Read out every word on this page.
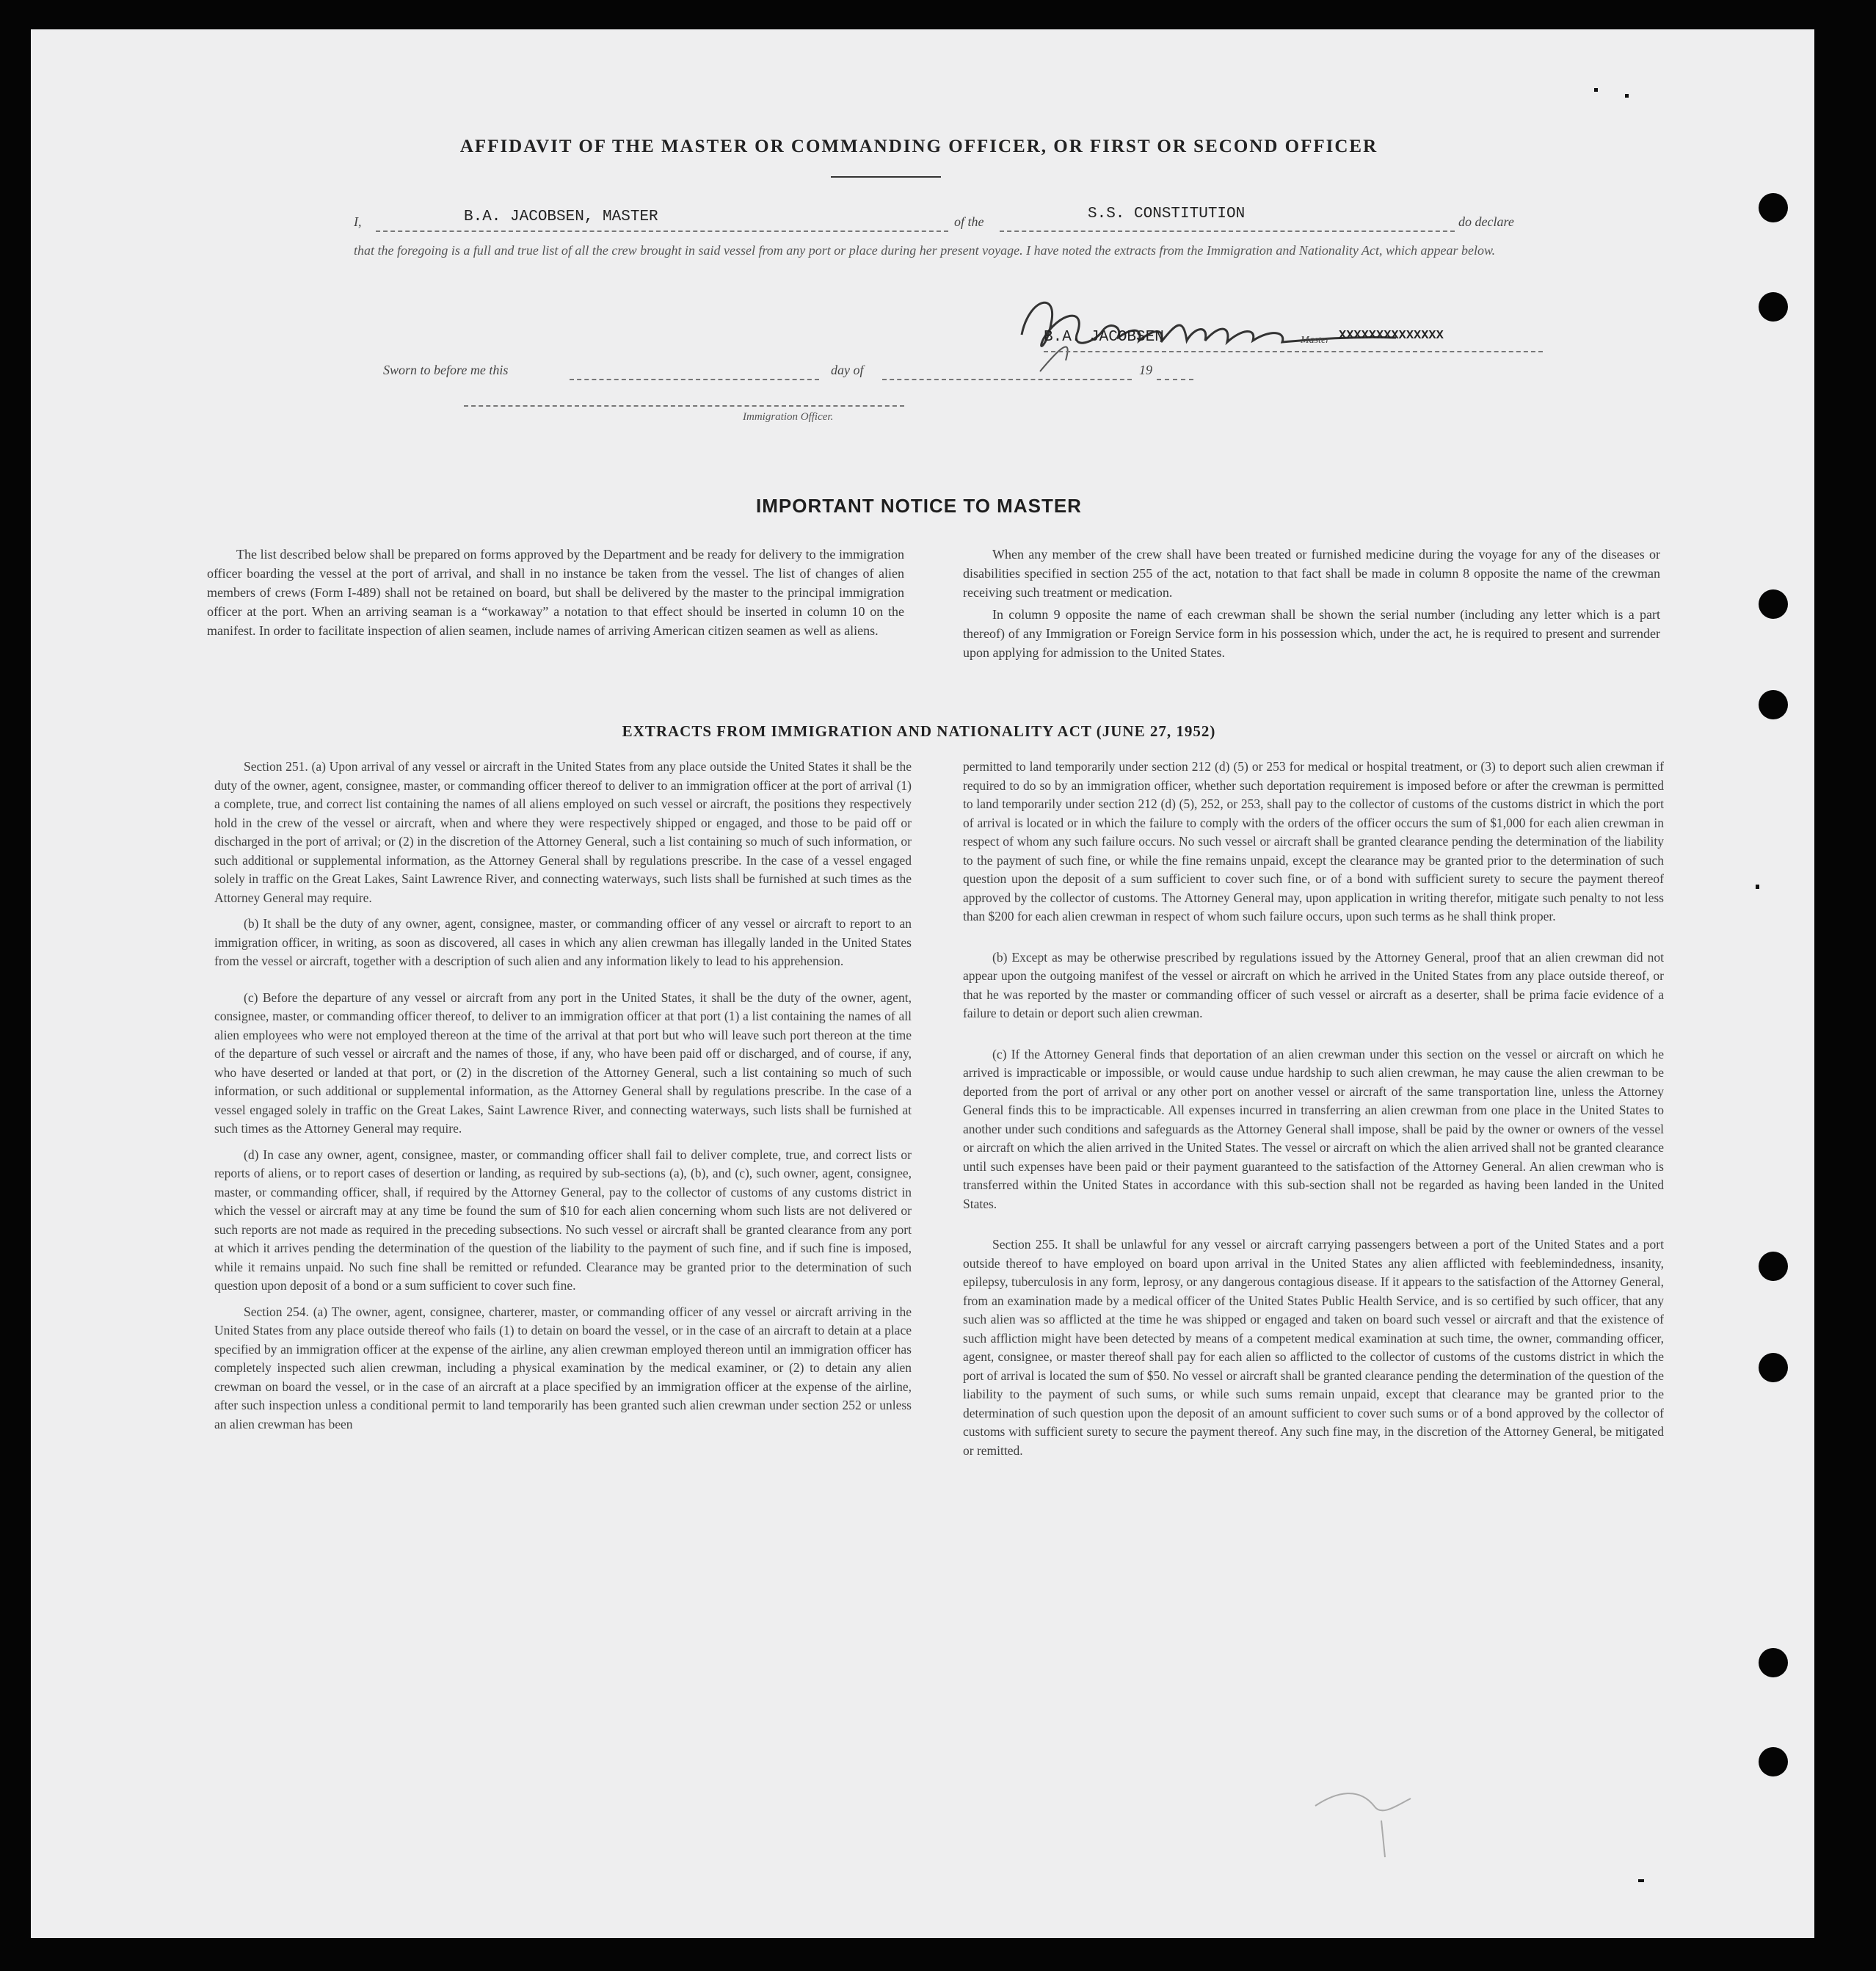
AFFIDAVIT OF THE MASTER OR COMMANDING OFFICER, OR FIRST OR SECOND OFFICER
I,	B.A. JACOBSEN, MASTER	of the	S.S. CONSTITUTION	do declare
that the foregoing is a full and true list of all the crew brought in said vessel from any port or place during her present voyage. I have noted the extracts from the Immigration and Nationality Act, which appear below.
B.A. JACOBSEN	Master XXXXXXXXXXXXXX
Sworn to before me this	day of	19
Immigration Officer.
IMPORTANT NOTICE TO MASTER

The list described below shall be prepared on forms approved by the Department and be ready for delivery to the immigration officer boarding the vessel at the port of arrival, and shall in no instance be taken from the vessel. The list of changes of alien members of crews (Form I-489) shall not be retained on board, but shall be delivered by the master to the principal immigration officer at the port. When an arriving seaman is a “workaway” a notation to that effect should be inserted in column 10 on the manifest. In order to facilitate inspection of alien seamen, include names of arriving American citizen seamen as well as aliens.

When any member of the crew shall have been treated or furnished medicine during the voyage for any of the diseases or disabilities specified in section 255 of the act, notation to that fact shall be made in column 8 opposite the name of the crewman receiving such treatment or medication.

In column 9 opposite the name of each crewman shall be shown the serial number (including any letter which is a part thereof) of any Immigration or Foreign Service form in his possession which, under the act, he is required to present and surrender upon applying for admission to the United States.

EXTRACTS FROM IMMIGRATION AND NATIONALITY ACT (JUNE 27, 1952)

Section 251. (a) Upon arrival of any vessel or aircraft in the United States from any place outside the United States it shall be the duty of the owner, agent, consignee, master, or commanding officer thereof to deliver to an immigration officer at the port of arrival (1) a complete, true, and correct list containing the names of all aliens employed on such vessel or aircraft, the positions they respectively hold in the crew of the vessel or aircraft, when and where they were respectively shipped or engaged, and those to be paid off or discharged in the port of arrival; or (2) in the discretion of the Attorney General, such a list containing so much of such information, or such additional or supplemental information, as the Attorney General shall by regulations prescribe. In the case of a vessel engaged solely in traffic on the Great Lakes, Saint Lawrence River, and connecting waterways, such lists shall be furnished at such times as the Attorney General may require.

(b) It shall be the duty of any owner, agent, consignee, master, or commanding officer of any vessel or aircraft to report to an immigration officer, in writing, as soon as discovered, all cases in which any alien crewman has illegally landed in the United States from the vessel or aircraft, together with a description of such alien and any information likely to lead to his apprehension.

(c) Before the departure of any vessel or aircraft from any port in the United States, it shall be the duty of the owner, agent, consignee, master, or commanding officer thereof, to deliver to an immigration officer at that port (1) a list containing the names of all alien employees who were not employed thereon at the time of the arrival at that port but who will leave such port thereon at the time of the departure of such vessel or aircraft and the names of those, if any, who have been paid off or discharged, and of course, if any, who have deserted or landed at that port, or (2) in the discretion of the Attorney General, such a list containing so much of such information, or such additional or supplemental information, as the Attorney General shall by regulations prescribe. In the case of a vessel engaged solely in traffic on the Great Lakes, Saint Lawrence River, and connecting waterways, such lists shall be furnished at such times as the Attorney General may require.

(d) In case any owner, agent, consignee, master, or commanding officer shall fail to deliver complete, true, and correct lists or reports of aliens, or to report cases of desertion or landing, as required by sub-sections (a), (b), and (c), such owner, agent, consignee, master, or commanding officer, shall, if required by the Attorney General, pay to the collector of customs of any customs district in which the vessel or aircraft may at any time be found the sum of $10 for each alien concerning whom such lists are not delivered or such reports are not made as required in the preceding subsections. No such vessel or aircraft shall be granted clearance from any port at which it arrives pending the determination of the question of the liability to the payment of such fine, and if such fine is imposed, while it remains unpaid. No such fine shall be remitted or refunded. Clearance may be granted prior to the determination of such question upon deposit of a bond or a sum sufficient to cover such fine.

Section 254. (a) The owner, agent, consignee, charterer, master, or commanding officer of any vessel or aircraft arriving in the United States from any place outside thereof who fails (1) to detain on board the vessel, or in the case of an aircraft to detain at a place specified by an immigration officer at the expense of the airline, any alien crewman employed thereon until an immigration officer has completely inspected such alien crewman, including a physical examination by the medical examiner, or (2) to detain any alien crewman on board the vessel, or in the case of an aircraft at a place specified by an immigration officer at the expense of the airline, after such inspection unless a conditional permit to land temporarily has been granted such alien crewman under section 252 or unless an alien crewman has been

permitted to land temporarily under section 212 (d) (5) or 253 for medical or hospital treatment, or (3) to deport such alien crewman if required to do so by an immigration officer, whether such deportation requirement is imposed before or after the crewman is permitted to land temporarily under section 212 (d) (5), 252, or 253, shall pay to the collector of customs of the customs district in which the port of arrival is located or in which the failure to comply with the orders of the officer occurs the sum of $1,000 for each alien crewman in respect of whom any such failure occurs. No such vessel or aircraft shall be granted clearance pending the determination of the liability to the payment of such fine, or while the fine remains unpaid, except the clearance may be granted prior to the determination of such question upon the deposit of a sum sufficient to cover such fine, or of a bond with sufficient surety to secure the payment thereof approved by the collector of customs. The Attorney General may, upon application in writing therefor, mitigate such penalty to not less than $200 for each alien crewman in respect of whom such failure occurs, upon such terms as he shall think proper.

(b) Except as may be otherwise prescribed by regulations issued by the Attorney General, proof that an alien crewman did not appear upon the outgoing manifest of the vessel or aircraft on which he arrived in the United States from any place outside thereof, or that he was reported by the master or commanding officer of such vessel or aircraft as a deserter, shall be prima facie evidence of a failure to detain or deport such alien crewman.

(c) If the Attorney General finds that deportation of an alien crewman under this section on the vessel or aircraft on which he arrived is impracticable or impossible, or would cause undue hardship to such alien crewman, he may cause the alien crewman to be deported from the port of arrival or any other port on another vessel or aircraft of the same transportation line, unless the Attorney General finds this to be impracticable. All expenses incurred in transferring an alien crewman from one place in the United States to another under such conditions and safeguards as the Attorney General shall impose, shall be paid by the owner or owners of the vessel or aircraft on which the alien arrived in the United States. The vessel or aircraft on which the alien arrived shall not be granted clearance until such expenses have been paid or their payment guaranteed to the satisfaction of the Attorney General. An alien crewman who is transferred within the United States in accordance with this sub-section shall not be regarded as having been landed in the United States.

Section 255. It shall be unlawful for any vessel or aircraft carrying passengers between a port of the United States and a port outside thereof to have employed on board upon arrival in the United States any alien afflicted with feeblemindedness, insanity, epilepsy, tuberculosis in any form, leprosy, or any dangerous contagious disease. If it appears to the satisfaction of the Attorney General, from an examination made by a medical officer of the United States Public Health Service, and is so certified by such officer, that any such alien was so afflicted at the time he was shipped or engaged and taken on board such vessel or aircraft and that the existence of such affliction might have been detected by means of a competent medical examination at such time, the owner, commanding officer, agent, consignee, or master thereof shall pay for each alien so afflicted to the collector of customs of the customs district in which the port of arrival is located the sum of $50. No vessel or aircraft shall be granted clearance pending the determination of the question of the liability to the payment of such sums, or while such sums remain unpaid, except that clearance may be granted prior to the determination of such question upon the deposit of an amount sufficient to cover such sums or of a bond approved by the collector of customs with sufficient surety to secure the payment thereof. Any such fine may, in the discretion of the Attorney General, be mitigated or remitted.
